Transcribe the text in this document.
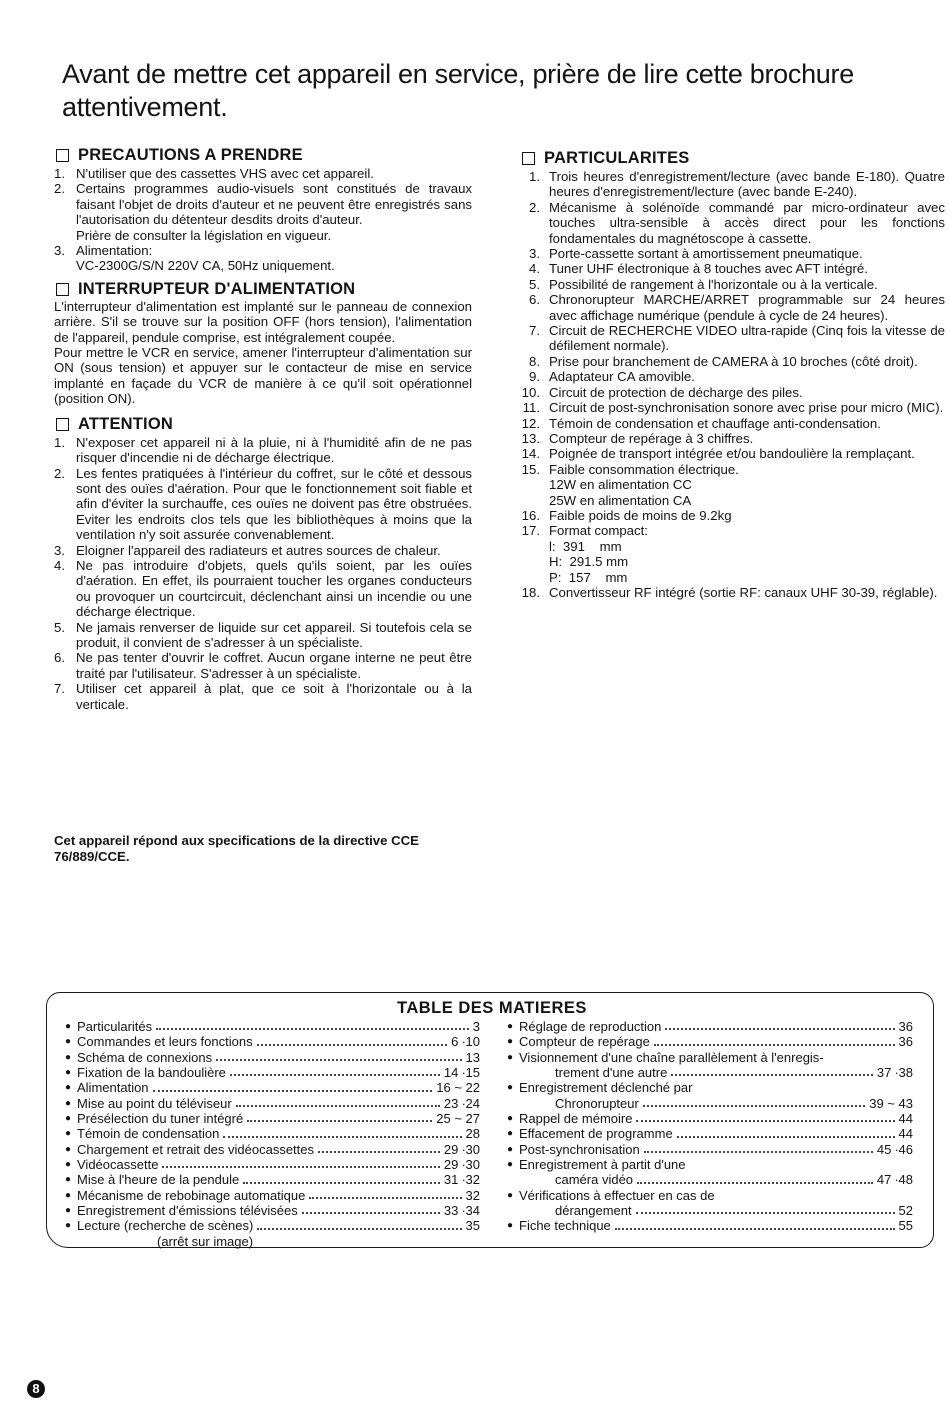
Avant de mettre cet appareil en service, prière de lire cette brochure attentivement.
PRECAUTIONS A PRENDRE
1. N'utiliser que des cassettes VHS avec cet appareil.
2. Certains programmes audio-visuels sont constitués de travaux faisant l'objet de droits d'auteur et ne peuvent être enregistrés sans l'autorisation du détenteur desdits droits d'auteur.
Prière de consulter la législation en vigueur.
3. Alimentation:
VC-2300G/S/N 220V CA, 50Hz uniquement.
INTERRUPTEUR D'ALIMENTATION
L'interrupteur d'alimentation est implanté sur le panneau de connexion arrière. S'il se trouve sur la position OFF (hors tension), l'alimentation de l'appareil, pendule comprise, est intégralement coupée.
Pour mettre le VCR en service, amener l'interrupteur d'alimentation sur ON (sous tension) et appuyer sur le contacteur de mise en service implanté en façade du VCR de manière à ce qu'il soit opérationnel (position ON).
ATTENTION
1. N'exposer cet appareil ni à la pluie, ni à l'humidité afin de ne pas risquer d'incendie ni de décharge électrique.
2. Les fentes pratiquées à l'intérieur du coffret, sur le côté et dessous sont des ouïes d'aération. Pour que le fonctionnement soit fiable et afin d'éviter la surchauffe, ces ouïes ne doivent pas être obstruées. Eviter les endroits clos tels que les bibliothèques à moins que la ventilation n'y soit assurée convenablement.
3. Eloigner l'appareil des radiateurs et autres sources de chaleur.
4. Ne pas introduire d'objets, quels qu'ils soient, par les ouïes d'aération. En effet, ils pourraient toucher les organes conducteurs ou provoquer un courtcircuit, déclenchant ainsi un incendie ou une décharge électrique.
5. Ne jamais renverser de liquide sur cet appareil. Si toutefois cela se produit, il convient de s'adresser à un spécialiste.
6. Ne pas tenter d'ouvrir le coffret. Aucun organe interne ne peut être traité par l'utilisateur. S'adresser à un spécialiste.
7. Utiliser cet appareil à plat, que ce soit à l'horizontale ou à la verticale.
Cet appareil répond aux specifications de la directive CCE 76/889/CCE.
PARTICULARITES
1. Trois heures d'enregistrement/lecture (avec bande E-180). Quatre heures d'enregistrement/lecture (avec bande E-240).
2. Mécanisme à solénoïde commandé par micro-ordinateur avec touches ultra-sensible à accès direct pour les fonctions fondamentales du magnétoscope à cassette.
3. Porte-cassette sortant à amortissement pneumatique.
4. Tuner UHF électronique à 8 touches avec AFT intégré.
5. Possibilité de rangement à l'horizontale ou à la verticale.
6. Chronorupteur MARCHE/ARRET programmable sur 24 heures avec affichage numérique (pendule à cycle de 24 heures).
7. Circuit de RECHERCHE VIDEO ultra-rapide (Cinq fois la vitesse de défilement normale).
8. Prise pour branchement de CAMERA à 10 broches (côté droit).
9. Adaptateur CA amovible.
10. Circuit de protection de décharge des piles.
11. Circuit de post-synchronisation sonore avec prise pour micro (MIC).
12. Témoin de condensation et chauffage anti-condensation.
13. Compteur de repérage à 3 chiffres.
14. Poignée de transport intégrée et/ou bandoulière la remplaçant.
15. Faible consommation électrique.
12W en alimentation CC
25W en alimentation CA
16. Faible poids de moins de 9.2kg
17. Format compact:
l:  391    mm
H:  291.5 mm
P:  157    mm
18. Convertisseur RF intégré (sortie RF: canaux UHF 30-39, réglable).
TABLE DES MATIERES
● Particularités	3
● Commandes et leurs fonctions	6 ∙10
● Schéma de connexions	13
● Fixation de la bandoulière	14 ∙15
● Alimentation	16 ~ 22
● Mise au point du téléviseur	23 ∙24
● Présélection du tuner intégré	25 ~ 27
● Témoin de condensation	28
● Chargement et retrait des vidéocassettes	29 ∙30
● Vidéocassette	29 ∙30
● Mise à l'heure de la pendule	31 ∙32
● Mécanisme de rebobinage automatique	32
● Enregistrement d'émissions télévisées	33 ∙34
● Lecture (recherche de scènes)	35
(arrêt sur image)
● Réglage de reproduction	36
● Compteur de repérage	36
● Visionnement d'une chaîne parallèlement à l'enregis-
trement d'une autre	37 ∙38
● Enregistrement déclenché par
Chronorupteur	39 ~ 43
● Rappel de mémoire	44
● Effacement de programme	44
● Post-synchronisation	45 ∙46
● Enregistrement à partit d'une
caméra vidéo	47 ∙48
● Vérifications à effectuer en cas de
dérangement	52
● Fiche technique	55
8
